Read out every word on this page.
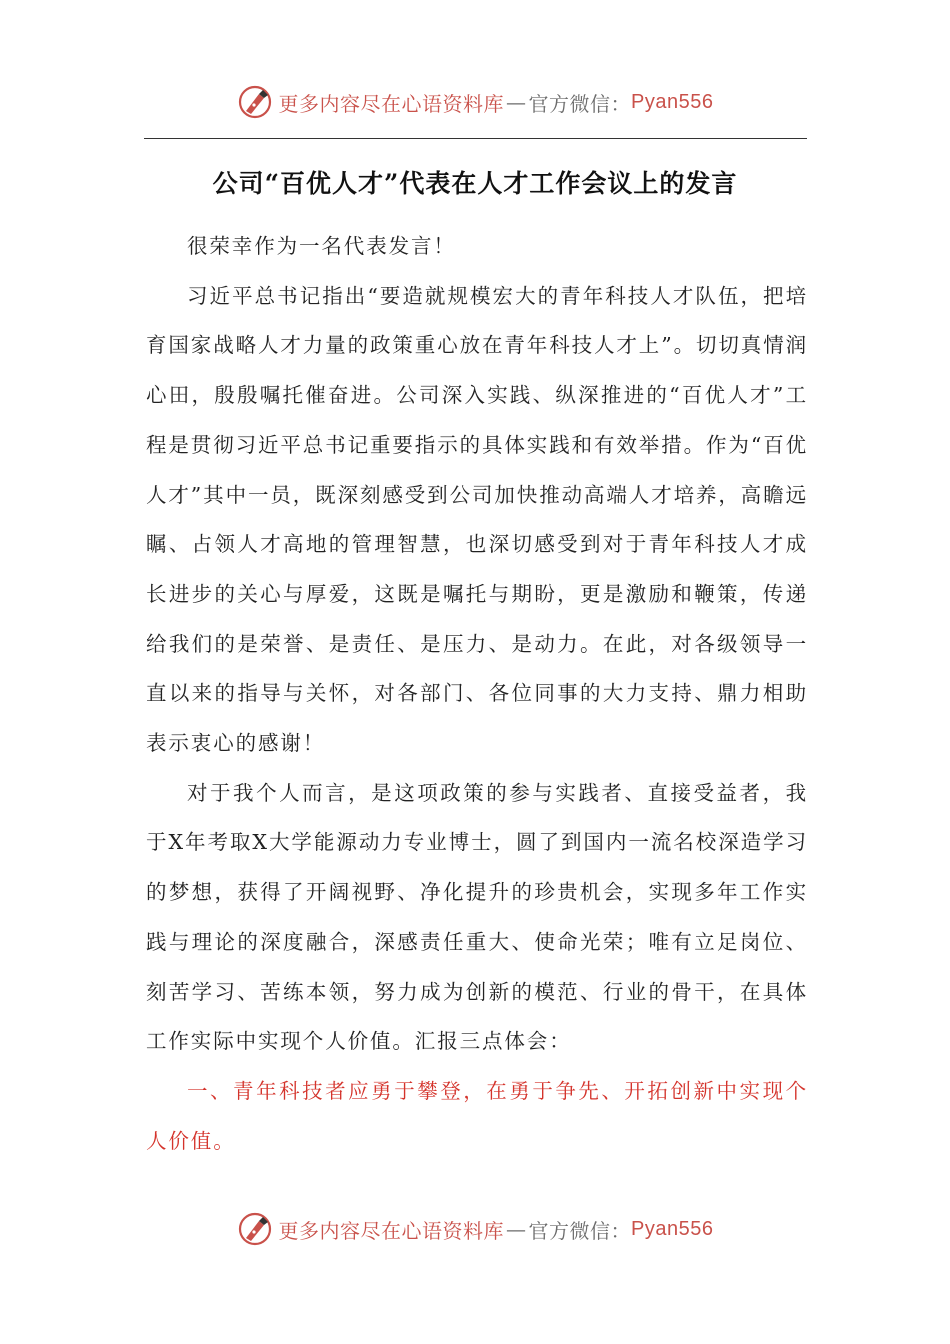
更多内容尽在心语资料库 — 官方微信： Pyan556
公司“百优人才”代表在人才工作会议上的发言

很荣幸作为一名代表发言！

习近平总书记指出“要造就规模宏大的青年科技人才队伍，把培育国家战略人才力量的政策重心放在青年科技人才上”。切切真情润心田，殷殷嘱托催奋进。公司深入实践、纵深推进的“百优人才”工程是贯彻习近平总书记重要指示的具体实践和有效举措。作为“百优人才”其中一员，既深刻感受到公司加快推动高端人才培养，高瞻远瞩、占领人才高地的管理智慧，也深切感受到对于青年科技人才成长进步的关心与厚爱，这既是嘱托与期盼，更是激励和鞭策，传递给我们的是荣誉、是责任、是压力、是动力。在此，对各级领导一直以来的指导与关怀，对各部门、各位同事的大力支持、鼎力相助表示衷心的感谢！

对于我个人而言，是这项政策的参与实践者、直接受益者，我于X年考取X大学能源动力专业博士，圆了到国内一流名校深造学习的梦想，获得了开阔视野、净化提升的珍贵机会，实现多年工作实践与理论的深度融合，深感责任重大、使命光荣；唯有立足岗位、刻苦学习、苦练本领，努力成为创新的模范、行业的骨干，在具体工作实际中实现个人价值。汇报三点体会：

一、青年科技者应勇于攀登，在勇于争先、开拓创新中实现个人价值。

更多内容尽在心语资料库 — 官方微信： Pyan556
